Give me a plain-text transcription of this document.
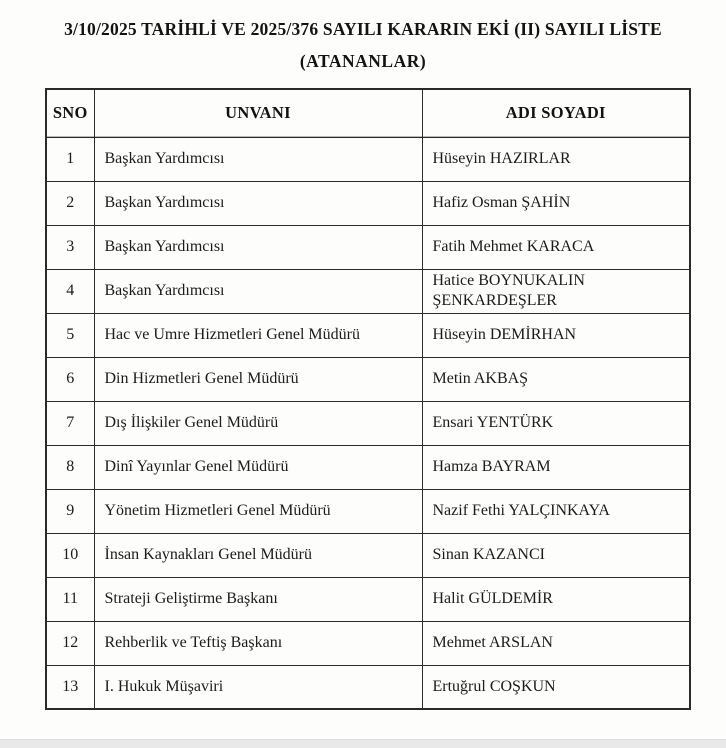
3/10/2025 TARİHLİ VE 2025/376 SAYILI KARARIN EKİ (II) SAYILI LİSTE
(ATANANLAR)
SNO	UNVANI	ADI SOYADI
1	Başkan Yardımcısı	Hüseyin HAZIRLAR
2	Başkan Yardımcısı	Hafiz Osman ŞAHİN
3	Başkan Yardımcısı	Fatih Mehmet KARACA
4	Başkan Yardımcısı	Hatice BOYNUKALIN ŞENKARDEŞLER
5	Hac ve Umre Hizmetleri Genel Müdürü	Hüseyin DEMİRHAN
6	Din Hizmetleri Genel Müdürü	Metin AKBAŞ
7	Dış İlişkiler Genel Müdürü	Ensari YENTÜRK
8	Dinî Yayınlar Genel Müdürü	Hamza BAYRAM
9	Yönetim Hizmetleri Genel Müdürü	Nazif Fethi YALÇINKAYA
10	İnsan Kaynakları Genel Müdürü	Sinan KAZANCI
11	Strateji Geliştirme Başkanı	Halit GÜLDEMİR
12	Rehberlik ve Teftiş Başkanı	Mehmet ARSLAN
13	I. Hukuk Müşaviri	Ertuğrul COŞKUN
